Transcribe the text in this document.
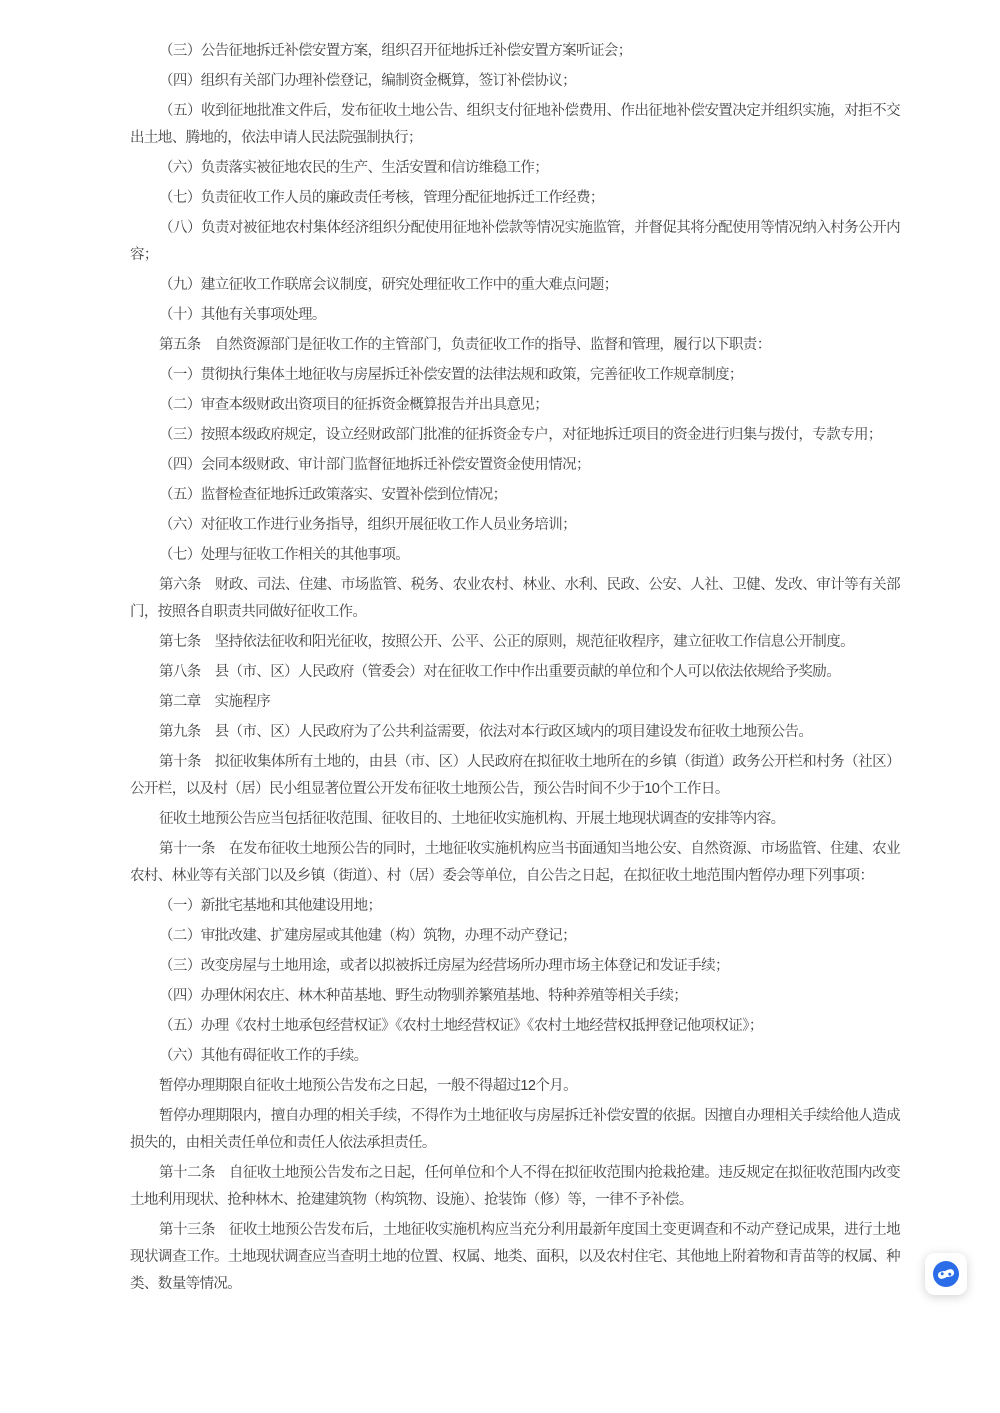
（三）公告征地拆迁补偿安置方案，组织召开征地拆迁补偿安置方案听证会；

（四）组织有关部门办理补偿登记，编制资金概算，签订补偿协议；

（五）收到征地批准文件后，发布征收土地公告、组织支付征地补偿费用、作出征地补偿安置决定并组织实施，对拒不交出土地、腾地的，依法申请人民法院强制执行；

（六）负责落实被征地农民的生产、生活安置和信访维稳工作；

（七）负责征收工作人员的廉政责任考核，管理分配征地拆迁工作经费；

（八）负责对被征地农村集体经济组织分配使用征地补偿款等情况实施监管，并督促其将分配使用等情况纳入村务公开内容；

（九）建立征收工作联席会议制度，研究处理征收工作中的重大难点问题；

（十）其他有关事项处理。

第五条　自然资源部门是征收工作的主管部门，负责征收工作的指导、监督和管理，履行以下职责：

（一）贯彻执行集体土地征收与房屋拆迁补偿安置的法律法规和政策，完善征收工作规章制度；

（二）审查本级财政出资项目的征拆资金概算报告并出具意见；

（三）按照本级政府规定，设立经财政部门批准的征拆资金专户，对征地拆迁项目的资金进行归集与拨付，专款专用；

（四）会同本级财政、审计部门监督征地拆迁补偿安置资金使用情况；

（五）监督检查征地拆迁政策落实、安置补偿到位情况；

（六）对征收工作进行业务指导，组织开展征收工作人员业务培训；

（七）处理与征收工作相关的其他事项。

第六条　财政、司法、住建、市场监管、税务、农业农村、林业、水利、民政、公安、人社、卫健、发改、审计等有关部门，按照各自职责共同做好征收工作。

第七条　坚持依法征收和阳光征收，按照公开、公平、公正的原则，规范征收程序，建立征收工作信息公开制度。

第八条　县（市、区）人民政府（管委会）对在征收工作中作出重要贡献的单位和个人可以依法依规给予奖励。

第二章　实施程序

第九条　县（市、区）人民政府为了公共利益需要，依法对本行政区域内的项目建设发布征收土地预公告。

第十条　拟征收集体所有土地的，由县（市、区）人民政府在拟征收土地所在的乡镇（街道）政务公开栏和村务（社区）公开栏，以及村（居）民小组显著位置公开发布征收土地预公告，预公告时间不少于10个工作日。

征收土地预公告应当包括征收范围、征收目的、土地征收实施机构、开展土地现状调查的安排等内容。

第十一条　在发布征收土地预公告的同时，土地征收实施机构应当书面通知当地公安、自然资源、市场监管、住建、农业农村、林业等有关部门以及乡镇（街道）、村（居）委会等单位，自公告之日起，在拟征收土地范围内暂停办理下列事项：

（一）新批宅基地和其他建设用地；

（二）审批改建、扩建房屋或其他建（构）筑物，办理不动产登记；

（三）改变房屋与土地用途，或者以拟被拆迁房屋为经营场所办理市场主体登记和发证手续；

（四）办理休闲农庄、林木种苗基地、野生动物驯养繁殖基地、特种养殖等相关手续；

（五）办理《农村土地承包经营权证》《农村土地经营权证》《农村土地经营权抵押登记他项权证》；

（六）其他有碍征收工作的手续。

暂停办理期限自征收土地预公告发布之日起，一般不得超过12个月。

暂停办理期限内，擅自办理的相关手续，不得作为土地征收与房屋拆迁补偿安置的依据。因擅自办理相关手续给他人造成损失的，由相关责任单位和责任人依法承担责任。

第十二条　自征收土地预公告发布之日起，任何单位和个人不得在拟征收范围内抢栽抢建。违反规定在拟征收范围内改变土地利用现状、抢种林木、抢建建筑物（构筑物、设施）、抢装饰（修）等，一律不予补偿。

第十三条　征收土地预公告发布后，土地征收实施机构应当充分利用最新年度国土变更调查和不动产登记成果，进行土地现状调查工作。土地现状调查应当查明土地的位置、权属、地类、面积，以及农村住宅、其他地上附着物和青苗等的权属、种类、数量等情况。
